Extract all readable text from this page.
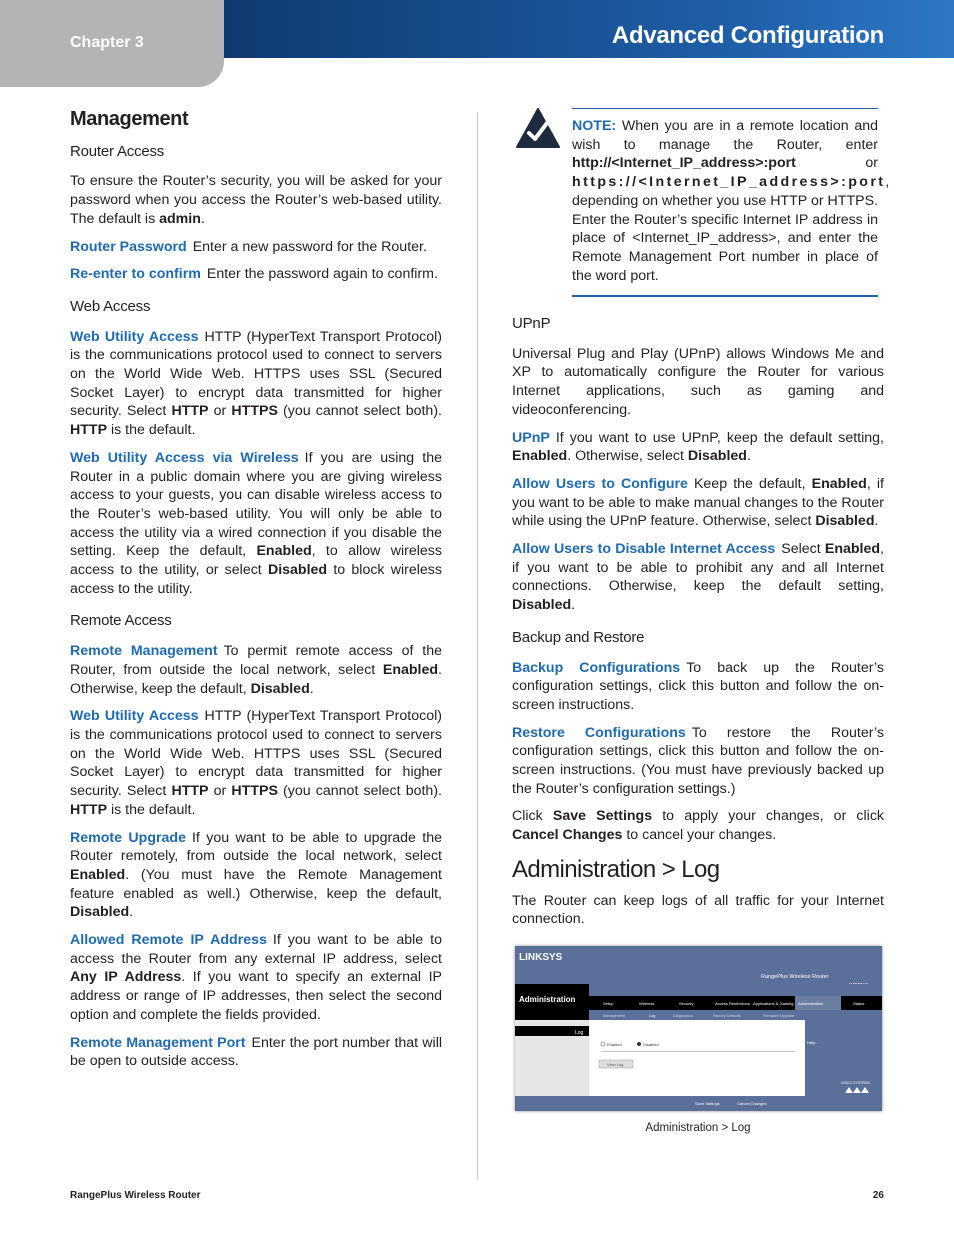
Chapter 3	Advanced Configuration
Management
Router Access

To ensure the Router’s security, you will be asked for your password when you access the Router’s web-based utility. The default is admin.

Router Password Enter a new password for the Router.

Re-enter to confirm Enter the password again to confirm.

Web Access

Web Utility Access HTTP (HyperText Transport Protocol) is the communications protocol used to connect to servers on the World Wide Web. HTTPS uses SSL (Secured Socket Layer) to encrypt data transmitted for higher security. Select HTTP or HTTPS (you cannot select both). HTTP is the default.

Web Utility Access via Wireless If you are using the Router in a public domain where you are giving wireless access to your guests, you can disable wireless access to the Router’s web-based utility. You will only be able to access the utility via a wired connection if you disable the setting. Keep the default, Enabled, to allow wireless access to the utility, or select Disabled to block wireless access to the utility.

Remote Access

Remote Management To permit remote access of the Router, from outside the local network, select Enabled. Otherwise, keep the default, Disabled.

Web Utility Access HTTP (HyperText Transport Protocol) is the communications protocol used to connect to servers on the World Wide Web. HTTPS uses SSL (Secured Socket Layer) to encrypt data transmitted for higher security. Select HTTP or HTTPS (you cannot select both). HTTP is the default.

Remote Upgrade If you want to be able to upgrade the Router remotely, from outside the local network, select Enabled. (You must have the Remote Management feature enabled as well.) Otherwise, keep the default, Disabled.

Allowed Remote IP Address If you want to be able to access the Router from any external IP address, select Any IP Address. If you want to specify an external IP address or range of IP addresses, then select the second option and complete the fields provided.

Remote Management Port Enter the port number that will be open to outside access.

NOTE: When you are in a remote location and wish to manage the Router, enter http://<Internet_IP_address>:port or https://<Internet_IP_address>:port, depending on whether you use HTTP or HTTPS. Enter the Router’s specific Internet IP address in place of <Internet_IP_address>, and enter the Remote Management Port number in place of the word port.
UPnP

Universal Plug and Play (UPnP) allows Windows Me and XP to automatically configure the Router for various Internet applications, such as gaming and videoconferencing.

UPnP If you want to use UPnP, keep the default setting, Enabled. Otherwise, select Disabled.

Allow Users to Configure Keep the default, Enabled, if you want to be able to make manual changes to the Router while using the UPnP feature. Otherwise, select Disabled.

Allow Users to Disable Internet Access Select Enabled, if you want to be able to prohibit any and all Internet connections. Otherwise, keep the default setting, Disabled.

Backup and Restore

Backup Configurations To back up the Router’s configuration settings, click this button and follow the on-screen instructions.

Restore Configurations To restore the Router’s configuration settings, click this button and follow the on-screen instructions. (You must have previously backed up the Router’s configuration settings.)

Click Save Settings to apply your changes, or click Cancel Changes to cancel your changes.

Administration > Log

The Router can keep logs of all traffic for your Internet connection.

LINKSYS
RangePlus Wireless Router
Administration	Setup	Wireless	Security	Access Restrictions Applications & Gaming Administration	Status
Management	Log	Diagnostics	Factory Defaults	Firmware Upgrade
Log
Help...
Enabled	Disabled
View Log
Save Settings	Cancel Changes
CISCO SYSTEMS
Administration > Log
RangePlus Wireless Router	26
